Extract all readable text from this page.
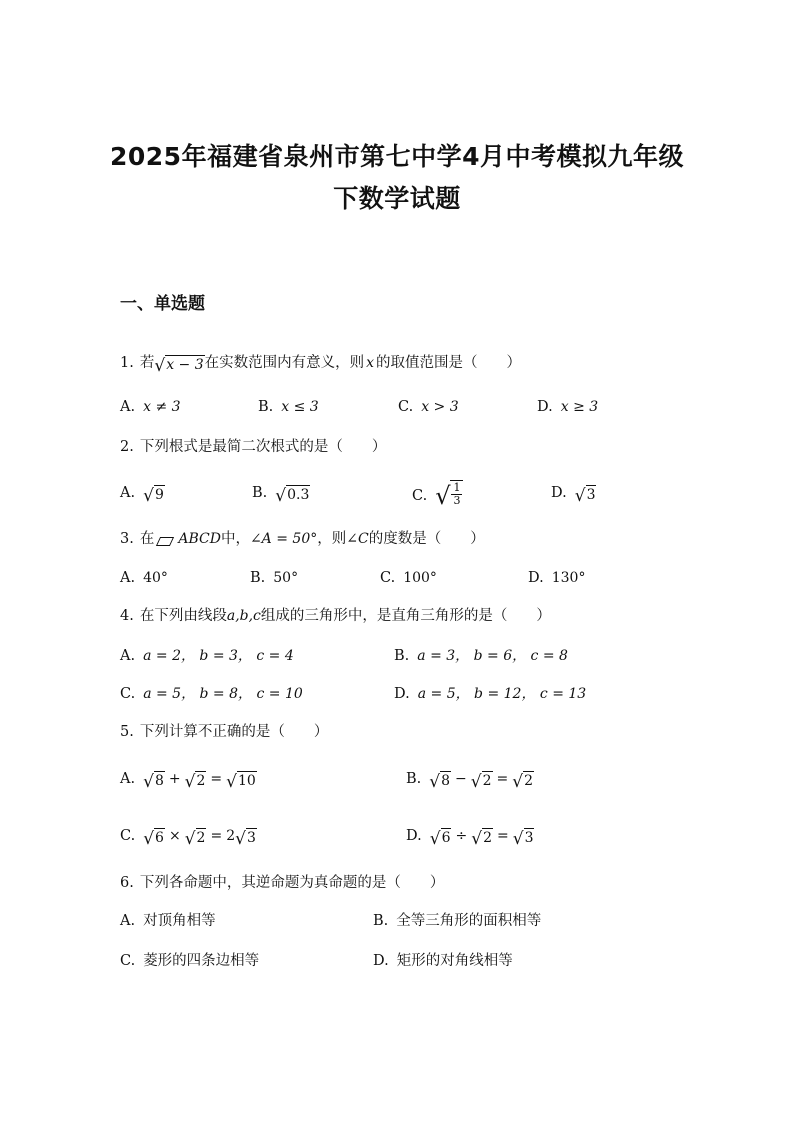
2025年福建省泉州市第七中学4月中考模拟九年级
下数学试题
一、单选题
1. 若 √ x − 3 在实数范围内有意义，则 x 的取值范围是（　　）
A. x ≠ 3	B. x ≤ 3	C. x > 3	D. x ≥ 3
2. 下列根式是最简二次根式的是（　　）
A. √ 9	B. √ 0.3	C. √ $\frac{1}{3}$	D. √ 3
3. 在 ABCD 中， ∠A = 50° ，则 ∠C 的度数是（　　）
A. 40°	B. 50°	C. 100°	D. 130°
4. 在下列由线段 a,b,c 组成的三角形中，是直角三角形的是（　　）
A. a = 2， b = 3， c = 4	B. a = 3， b = 6， c = 8
C. a = 5， b = 8， c = 10	D. a = 5， b = 12， c = 13
5. 下列计算不正确的是（　　）
A. √ 8 + √ 2 = √ 10	B. √ 8 − √ 2 = √ 2
C. √ 6 × √ 2 = 2 √ 3	D. √ 6 ÷ √ 2 = √ 3
6. 下列各命题中，其逆命题为真命题的是（　　）
A. 对顶角相等	B. 全等三角形的面积相等
C. 菱形的四条边相等	D. 矩形的对角线相等
